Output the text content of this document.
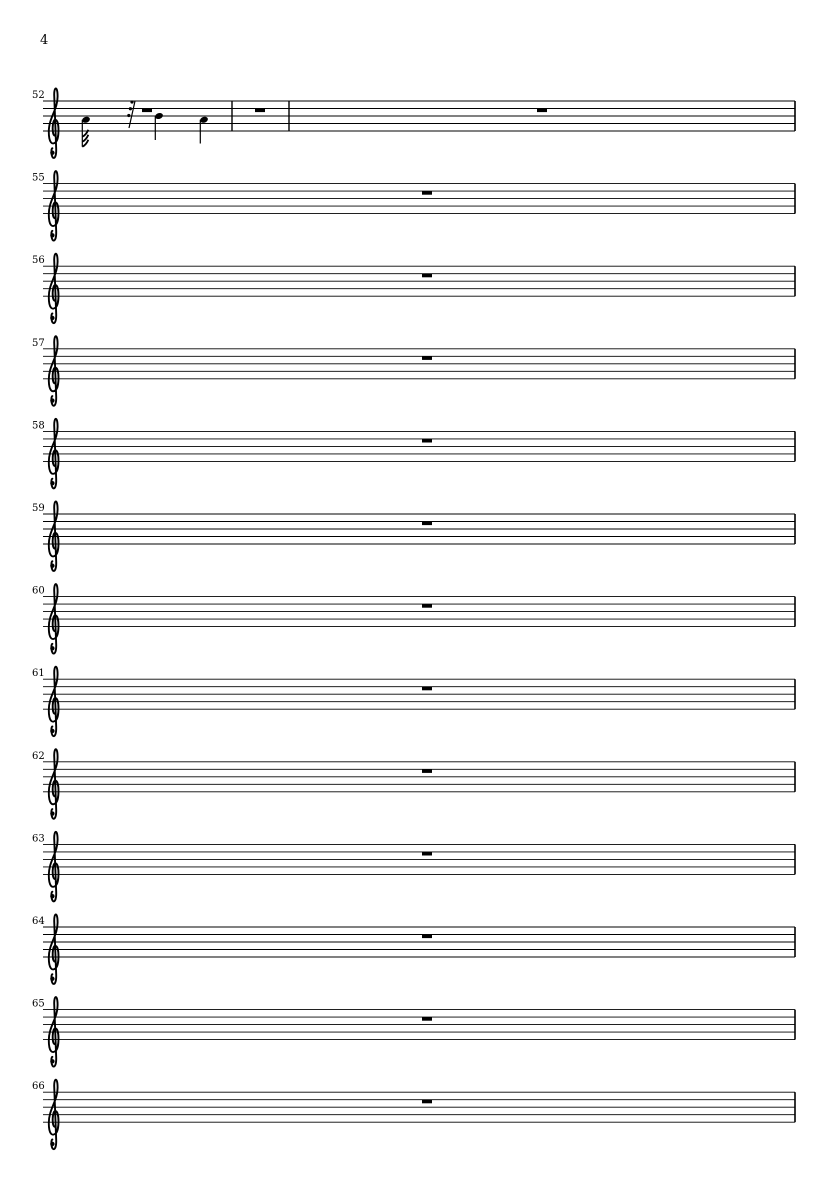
4
52
55
56
57
58
59
60
61
62
63
64
65
66
